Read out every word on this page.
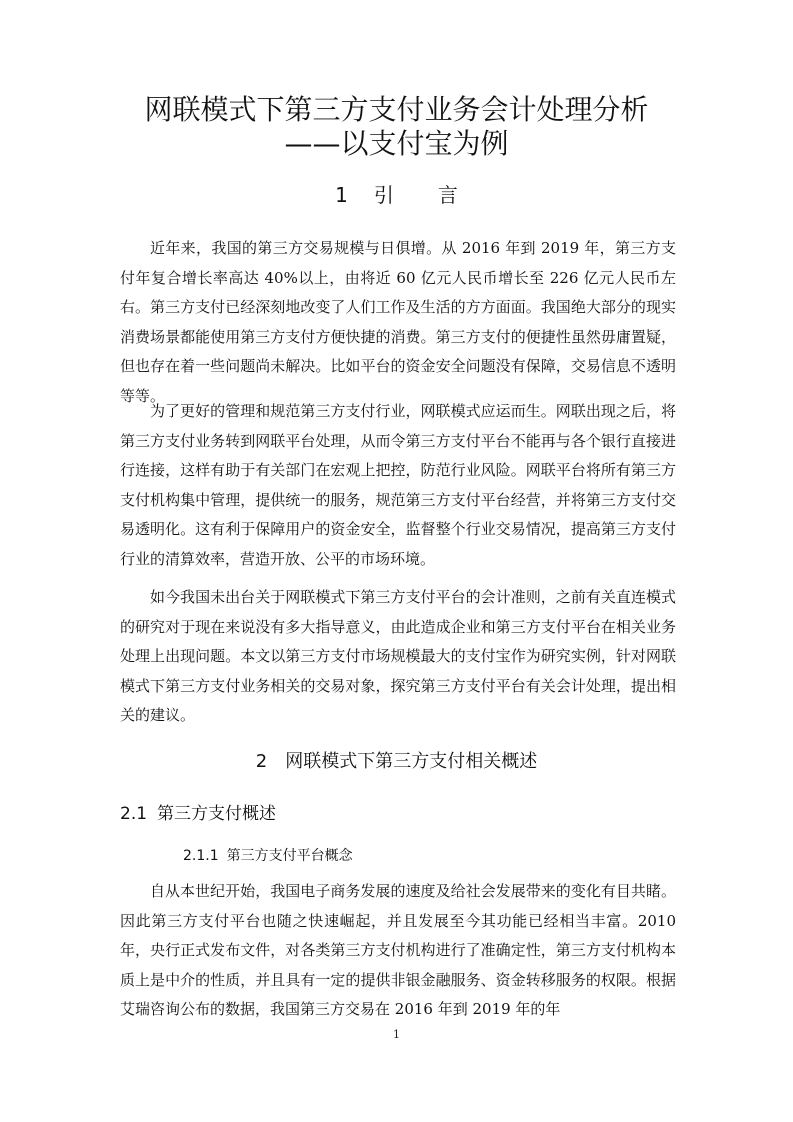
网联模式下第三方支付业务会计处理分析
——以支付宝为例
1 引 言

近年来，我国的第三方交易规模与日俱增。从 2016 年到 2019 年，第三方支付年复合增长率高达 40%以上，由将近 60 亿元人民币增长至 226 亿元人民币左右。第三方支付已经深刻地改变了人们工作及生活的方方面面。我国绝大部分的现实消费场景都能使用第三方支付方便快捷的消费。第三方支付的便捷性虽然毋庸置疑，但也存在着一些问题尚未解决。比如平台的资金安全问题没有保障，交易信息不透明等等。

为了更好的管理和规范第三方支付行业，网联模式应运而生。网联出现之后，将第三方支付业务转到网联平台处理，从而令第三方支付平台不能再与各个银行直接进行连接，这样有助于有关部门在宏观上把控，防范行业风险。网联平台将所有第三方支付机构集中管理，提供统一的服务，规范第三方支付平台经营，并将第三方支付交易透明化。这有利于保障用户的资金安全，监督整个行业交易情况，提高第三方支付行业的清算效率，营造开放、公平的市场环境。

如今我国未出台关于网联模式下第三方支付平台的会计准则，之前有关直连模式的研究对于现在来说没有多大指导意义，由此造成企业和第三方支付平台在相关业务处理上出现问题。本文以第三方支付市场规模最大的支付宝作为研究实例，针对网联模式下第三方支付业务相关的交易对象，探究第三方支付平台有关会计处理，提出相关的建议。

2 网联模式下第三方支付相关概述
2.1 第三方支付概述
2.1.1 第三方支付平台概念

自从本世纪开始，我国电子商务发展的速度及给社会发展带来的变化有目共睹。因此第三方支付平台也随之快速崛起，并且发展至今其功能已经相当丰富。2010 年，央行正式发布文件，对各类第三方支付机构进行了准确定性，第三方支付机构本质上是中介的性质，并且具有一定的提供非银金融服务、资金转移服务的权限。根据艾瑞咨询公布的数据，我国第三方交易在 2016 年到 2019 年的年

1
